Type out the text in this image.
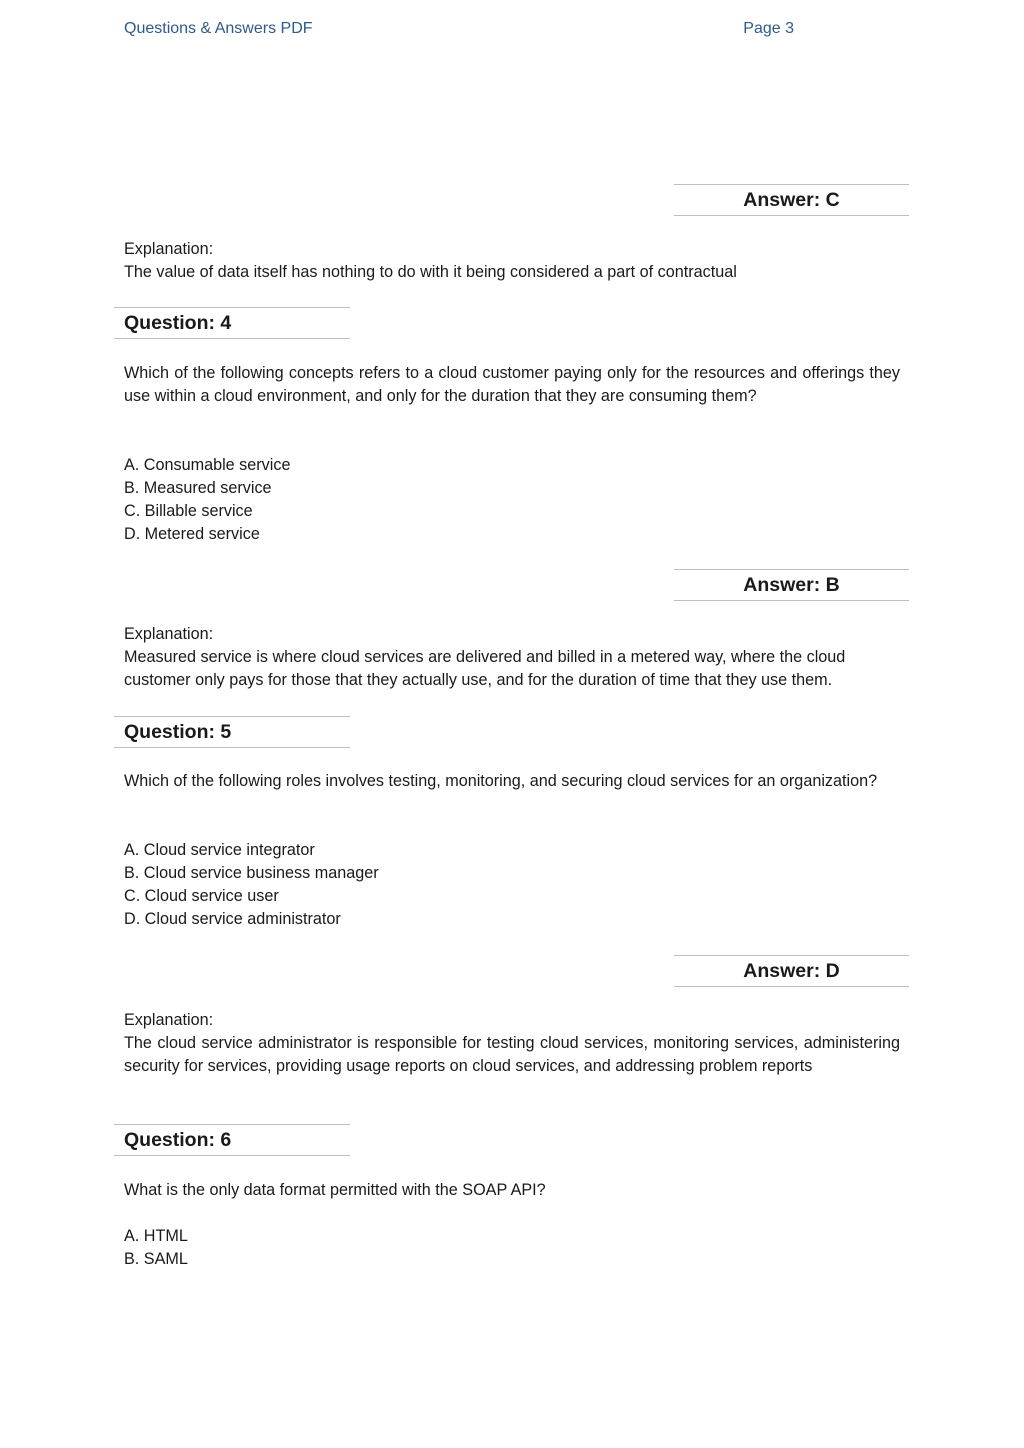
Questions & Answers PDF	Page 3
Answer: C
Explanation:
The value of data itself has nothing to do with it being considered a part of contractual
Question: 4
Which of the following concepts refers to a cloud customer paying only for the resources and offerings they use within a cloud environment, and only for the duration that they are consuming them?
A. Consumable service
B. Measured service
C. Billable service
D. Metered service
Answer: B
Explanation:
Measured service is where cloud services are delivered and billed in a metered way, where the cloud customer only pays for those that they actually use, and for the duration of time that they use them.
Question: 5
Which of the following roles involves testing, monitoring, and securing cloud services for an organization?
A. Cloud service integrator
B. Cloud service business manager
C. Cloud service user
D. Cloud service administrator
Answer: D
Explanation:
The cloud service administrator is responsible for testing cloud services, monitoring services, administering security for services, providing usage reports on cloud services, and addressing problem reports
Question: 6
What is the only data format permitted with the SOAP API?
A. HTML
B. SAML
